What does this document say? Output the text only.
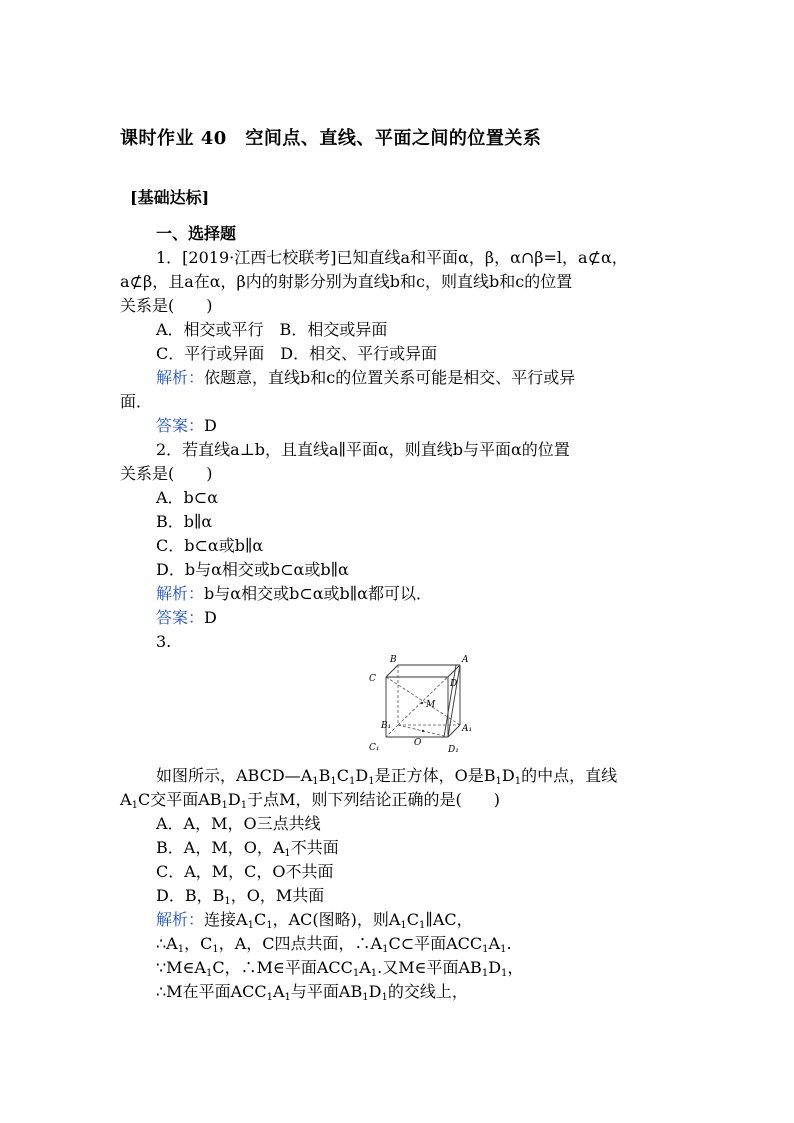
课时作业 40　空间点、直线、平面之间的位置关系
[基础达标]
一、选择题
1．[2019·江西七校联考]已知直线a和平面α，β，α∩β=l，a⊄α，
a⊄β，且a在α，β内的射影分别为直线b和c，则直线b和c的位置
关系是(　　)
A．相交或平行　B．相交或异面
C．平行或异面　D．相交、平行或异面
解析：依题意，直线b和c的位置关系可能是相交、平行或异
面．
答案：D
2．若直线a⊥b，且直线a∥平面α，则直线b与平面α的位置
关系是(　　)
A．b⊂α
B．b∥α
C．b⊂α或b∥α
D．b与α相交或b⊂α或b∥α
解析：b与α相交或b⊂α或b∥α都可以．
答案：D
3.
B	A
C	D
M
B₁	A₁
O
C₁	D₁
如图所示，$ABCD—A_1B_1C_1D_1$是正方体，O是$B_1D_1$的中点，直线
$A_1C$交平面$AB_1D_1$于点M，则下列结论正确的是(　　)
A．A，M，O三点共线
B．A，M，O，$A_1$不共面
C．A，M，C，O不共面
D．B，$B_1$，O，M共面
解析：连接$A_1C_1$，AC(图略)，则$A_1C_1\parallel AC$，
$\therefore A_1$，$C_1$，A，C四点共面，$\therefore A_1C\subset$平面$ACC_1A_1$.
$\because M\in A_1C$，∴M∈平面$ACC_1A_1$.又M∈平面$AB_1D_1$，
∴M在平面$ACC_1A_1$与平面$AB_1D_1$的交线上，
